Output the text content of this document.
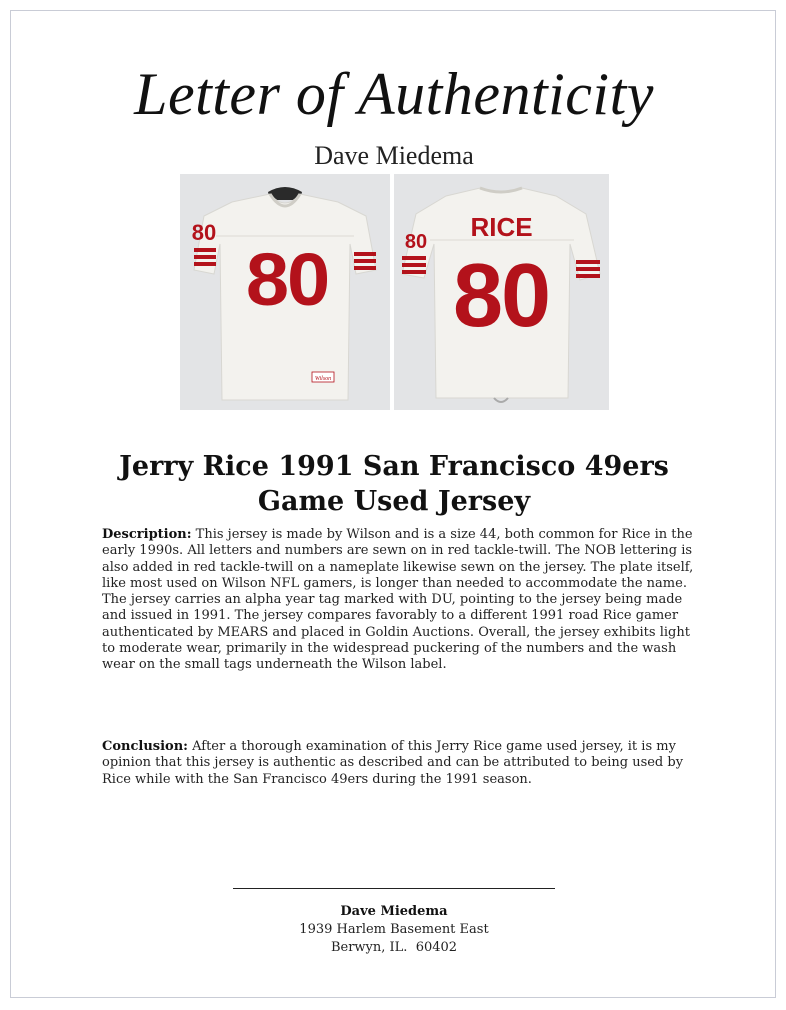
Letter of Authenticity
Dave Miedema
80
Wilson
80	80	RICE
80
Jerry Rice 1991 San Francisco 49ers
Game Used Jersey
Description: This jersey is made by Wilson and is a size 44, both common for Rice in the early 1990s. All letters and numbers are sewn on in red tackle-twill. The NOB lettering is also added in red tackle-twill on a nameplate likewise sewn on the jersey. The plate itself, like most used on Wilson NFL gamers, is longer than needed to accommodate the name. The jersey carries an alpha year tag marked with DU, pointing to the jersey being made and issued in 1991. The jersey compares favorably to a different 1991 road Rice gamer authenticated by MEARS and placed in Goldin Auctions. Overall, the jersey exhibits light to moderate wear, primarily in the widespread puckering of the numbers and the wash wear on the small tags underneath the Wilson label.
Conclusion: After a thorough examination of this Jerry Rice game used jersey, it is my opinion that this jersey is authentic as described and can be attributed to being used by Rice while with the San Francisco 49ers during the 1991 season.
Dave Miedema
1939 Harlem Basement East
Berwyn, IL.  60402
